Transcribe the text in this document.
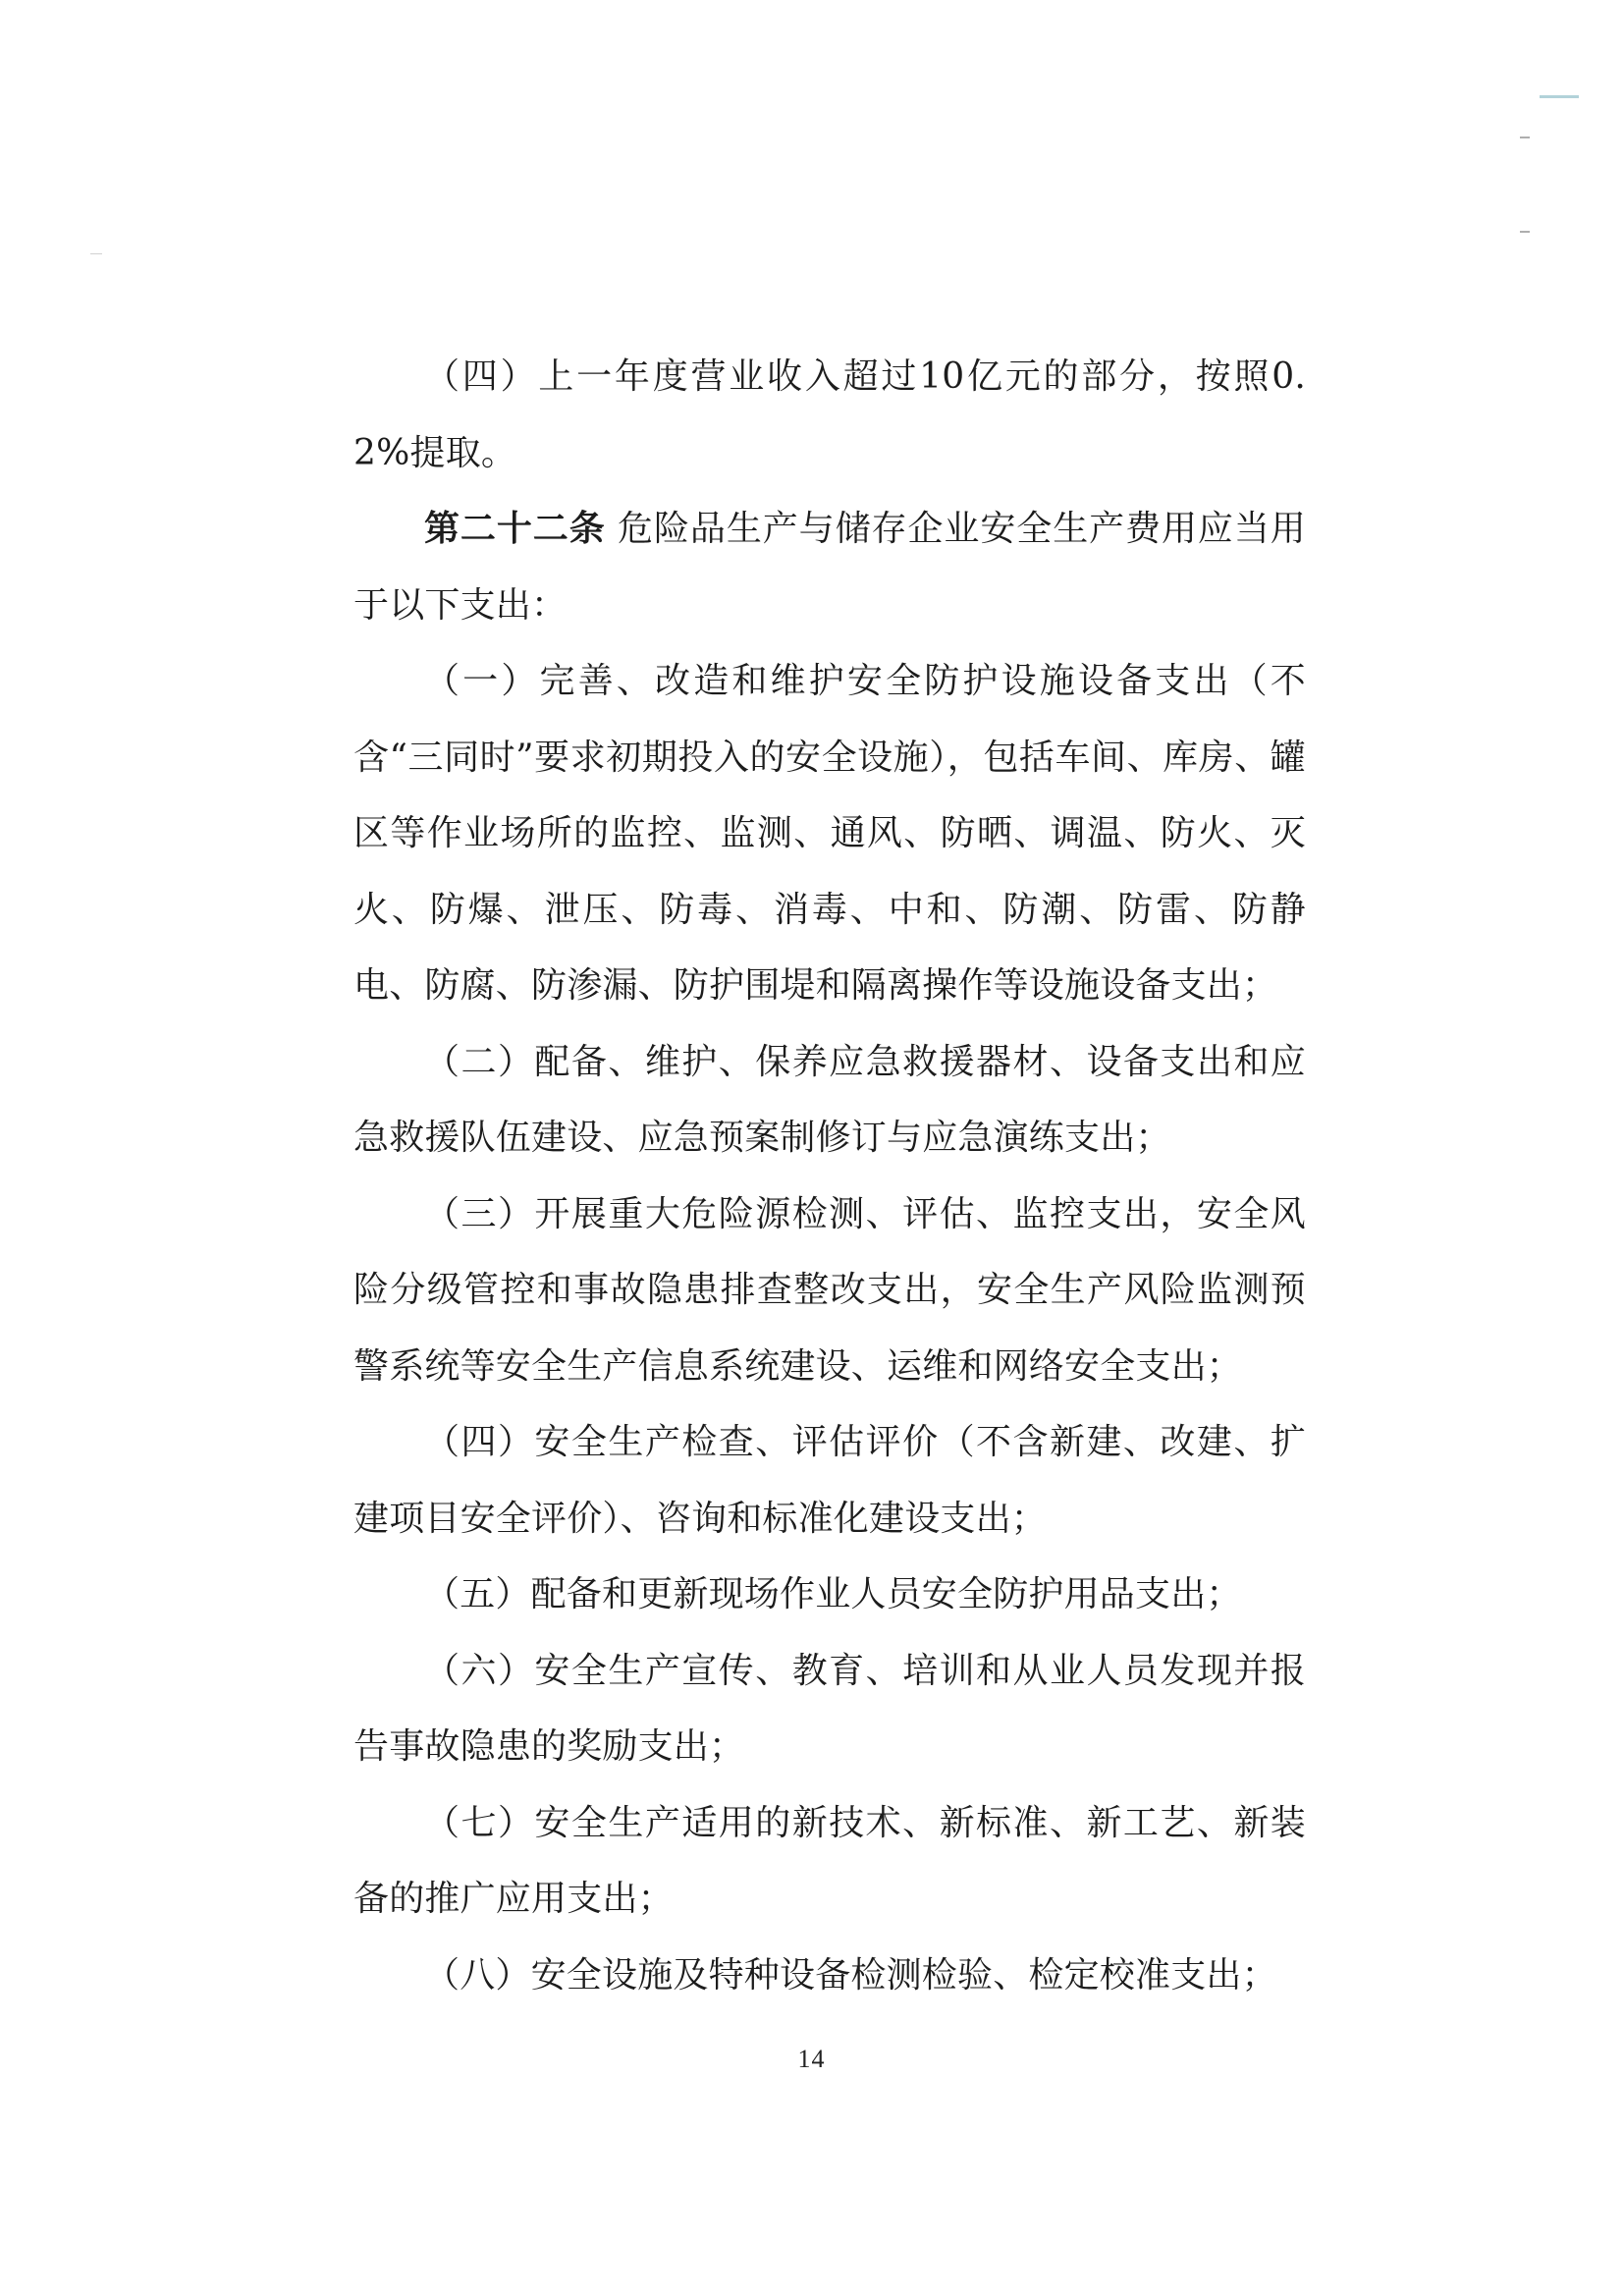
（四）上一年度营业收入超过10亿元的部分，按照0.2%提取。

第二十二条 危险品生产与储存企业安全生产费用应当用于以下支出：

（一）完善、改造和维护安全防护设施设备支出（不含“三同时”要求初期投入的安全设施），包括车间、库房、罐区等作业场所的监控、监测、通风、防晒、调温、防火、灭火、防爆、泄压、防毒、消毒、中和、防潮、防雷、防静电、防腐、防渗漏、防护围堤和隔离操作等设施设备支出；

（二）配备、维护、保养应急救援器材、设备支出和应急救援队伍建设、应急预案制修订与应急演练支出；

（三）开展重大危险源检测、评估、监控支出，安全风险分级管控和事故隐患排查整改支出，安全生产风险监测预警系统等安全生产信息系统建设、运维和网络安全支出；

（四）安全生产检查、评估评价（不含新建、改建、扩建项目安全评价）、咨询和标准化建设支出；

（五）配备和更新现场作业人员安全防护用品支出；

（六）安全生产宣传、教育、培训和从业人员发现并报告事故隐患的奖励支出；

（七）安全生产适用的新技术、新标准、新工艺、新装备的推广应用支出；

（八）安全设施及特种设备检测检验、检定校准支出；

14
